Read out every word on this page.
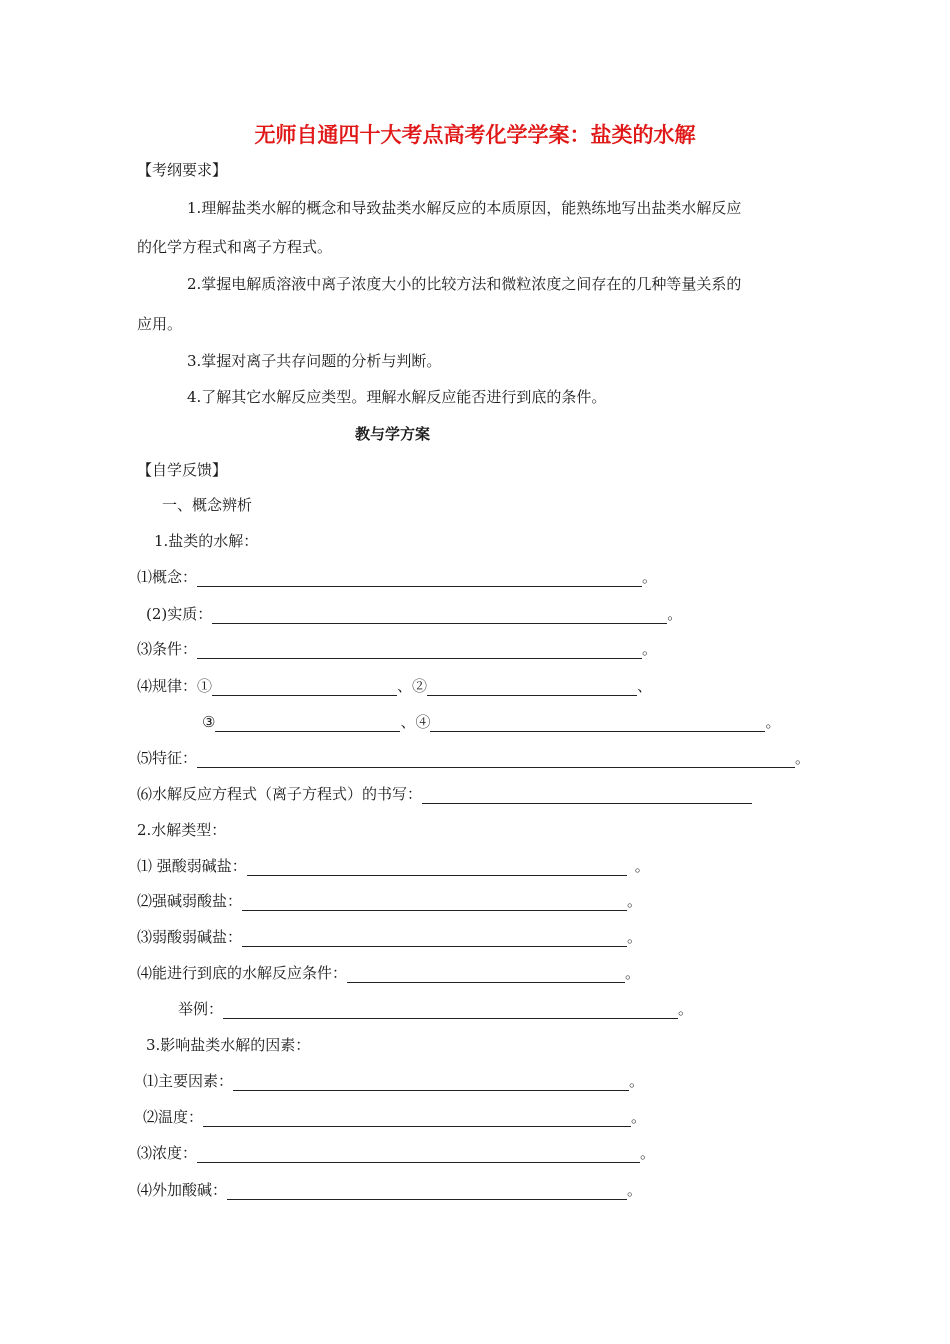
无师自通四十大考点高考化学学案：盐类的水解
【考纲要求】
1.理解盐类水解的概念和导致盐类水解反应的本质原因，能熟练地写出盐类水解反应
的化学方程式和离子方程式。
2.掌握电解质溶液中离子浓度大小的比较方法和微粒浓度之间存在的几种等量关系的
应用。
3.掌握对离子共存问题的分析与判断。
4.了解其它水解反应类型。理解水解反应能否进行到底的条件。
教与学方案
【自学反馈】
一、概念辨析
1.盐类的水解：
⑴概念：	。
(2)实质：	。
⑶条件：	。
⑷规律：①	、②	、
③	、④	。
⑸特征：	。
⑹水解反应方程式（离子方程式）的书写：
2.水解类型：
⑴ 强酸弱碱盐：	。
⑵强碱弱酸盐：	。
⑶弱酸弱碱盐：	。
⑷能进行到底的水解反应条件：	。
举例：	。
3.影响盐类水解的因素：
⑴主要因素：	。
⑵温度：	。
⑶浓度：	。
⑷外加酸碱：	。
